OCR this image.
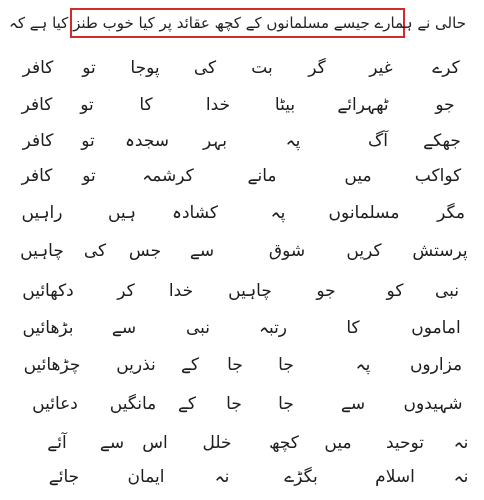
حالی نے ہمارے جیسے مسلمانوں کے کچھ عقائد پر کیا خوب طنز کیا ہے کہ
کرے
غیر
گر
بت
کی
پوجا
تو
کافر
جو
ٹھہرائے
بیٹا
خدا
کا
تو
کافر
جھکے
آگ
پہ
بہر
سجدہ
تو
کافر
کواکب
میں
مانے
کرشمہ
تو
کافر
مگر
مسلمانوں
پہ
کشادہ
ہیں
راہیں
پرستش
کریں
شوق
سے
جس
کی
چاہیں
نبی
کو
جو
چاہیں
خدا
کر
دکھائیں
اماموں
کا
رتبہ
نبی
سے
بڑھائیں
مزاروں
پہ
جا
جا
کے
نذریں
چڑھائیں
شہیدوں
سے
جا
جا
کے
مانگیں
دعائیں
نہ
توحید
میں
کچھ
خلل
اس
سے
آئے
نہ
اسلام
بگڑے
نہ
ایمان
جائے
